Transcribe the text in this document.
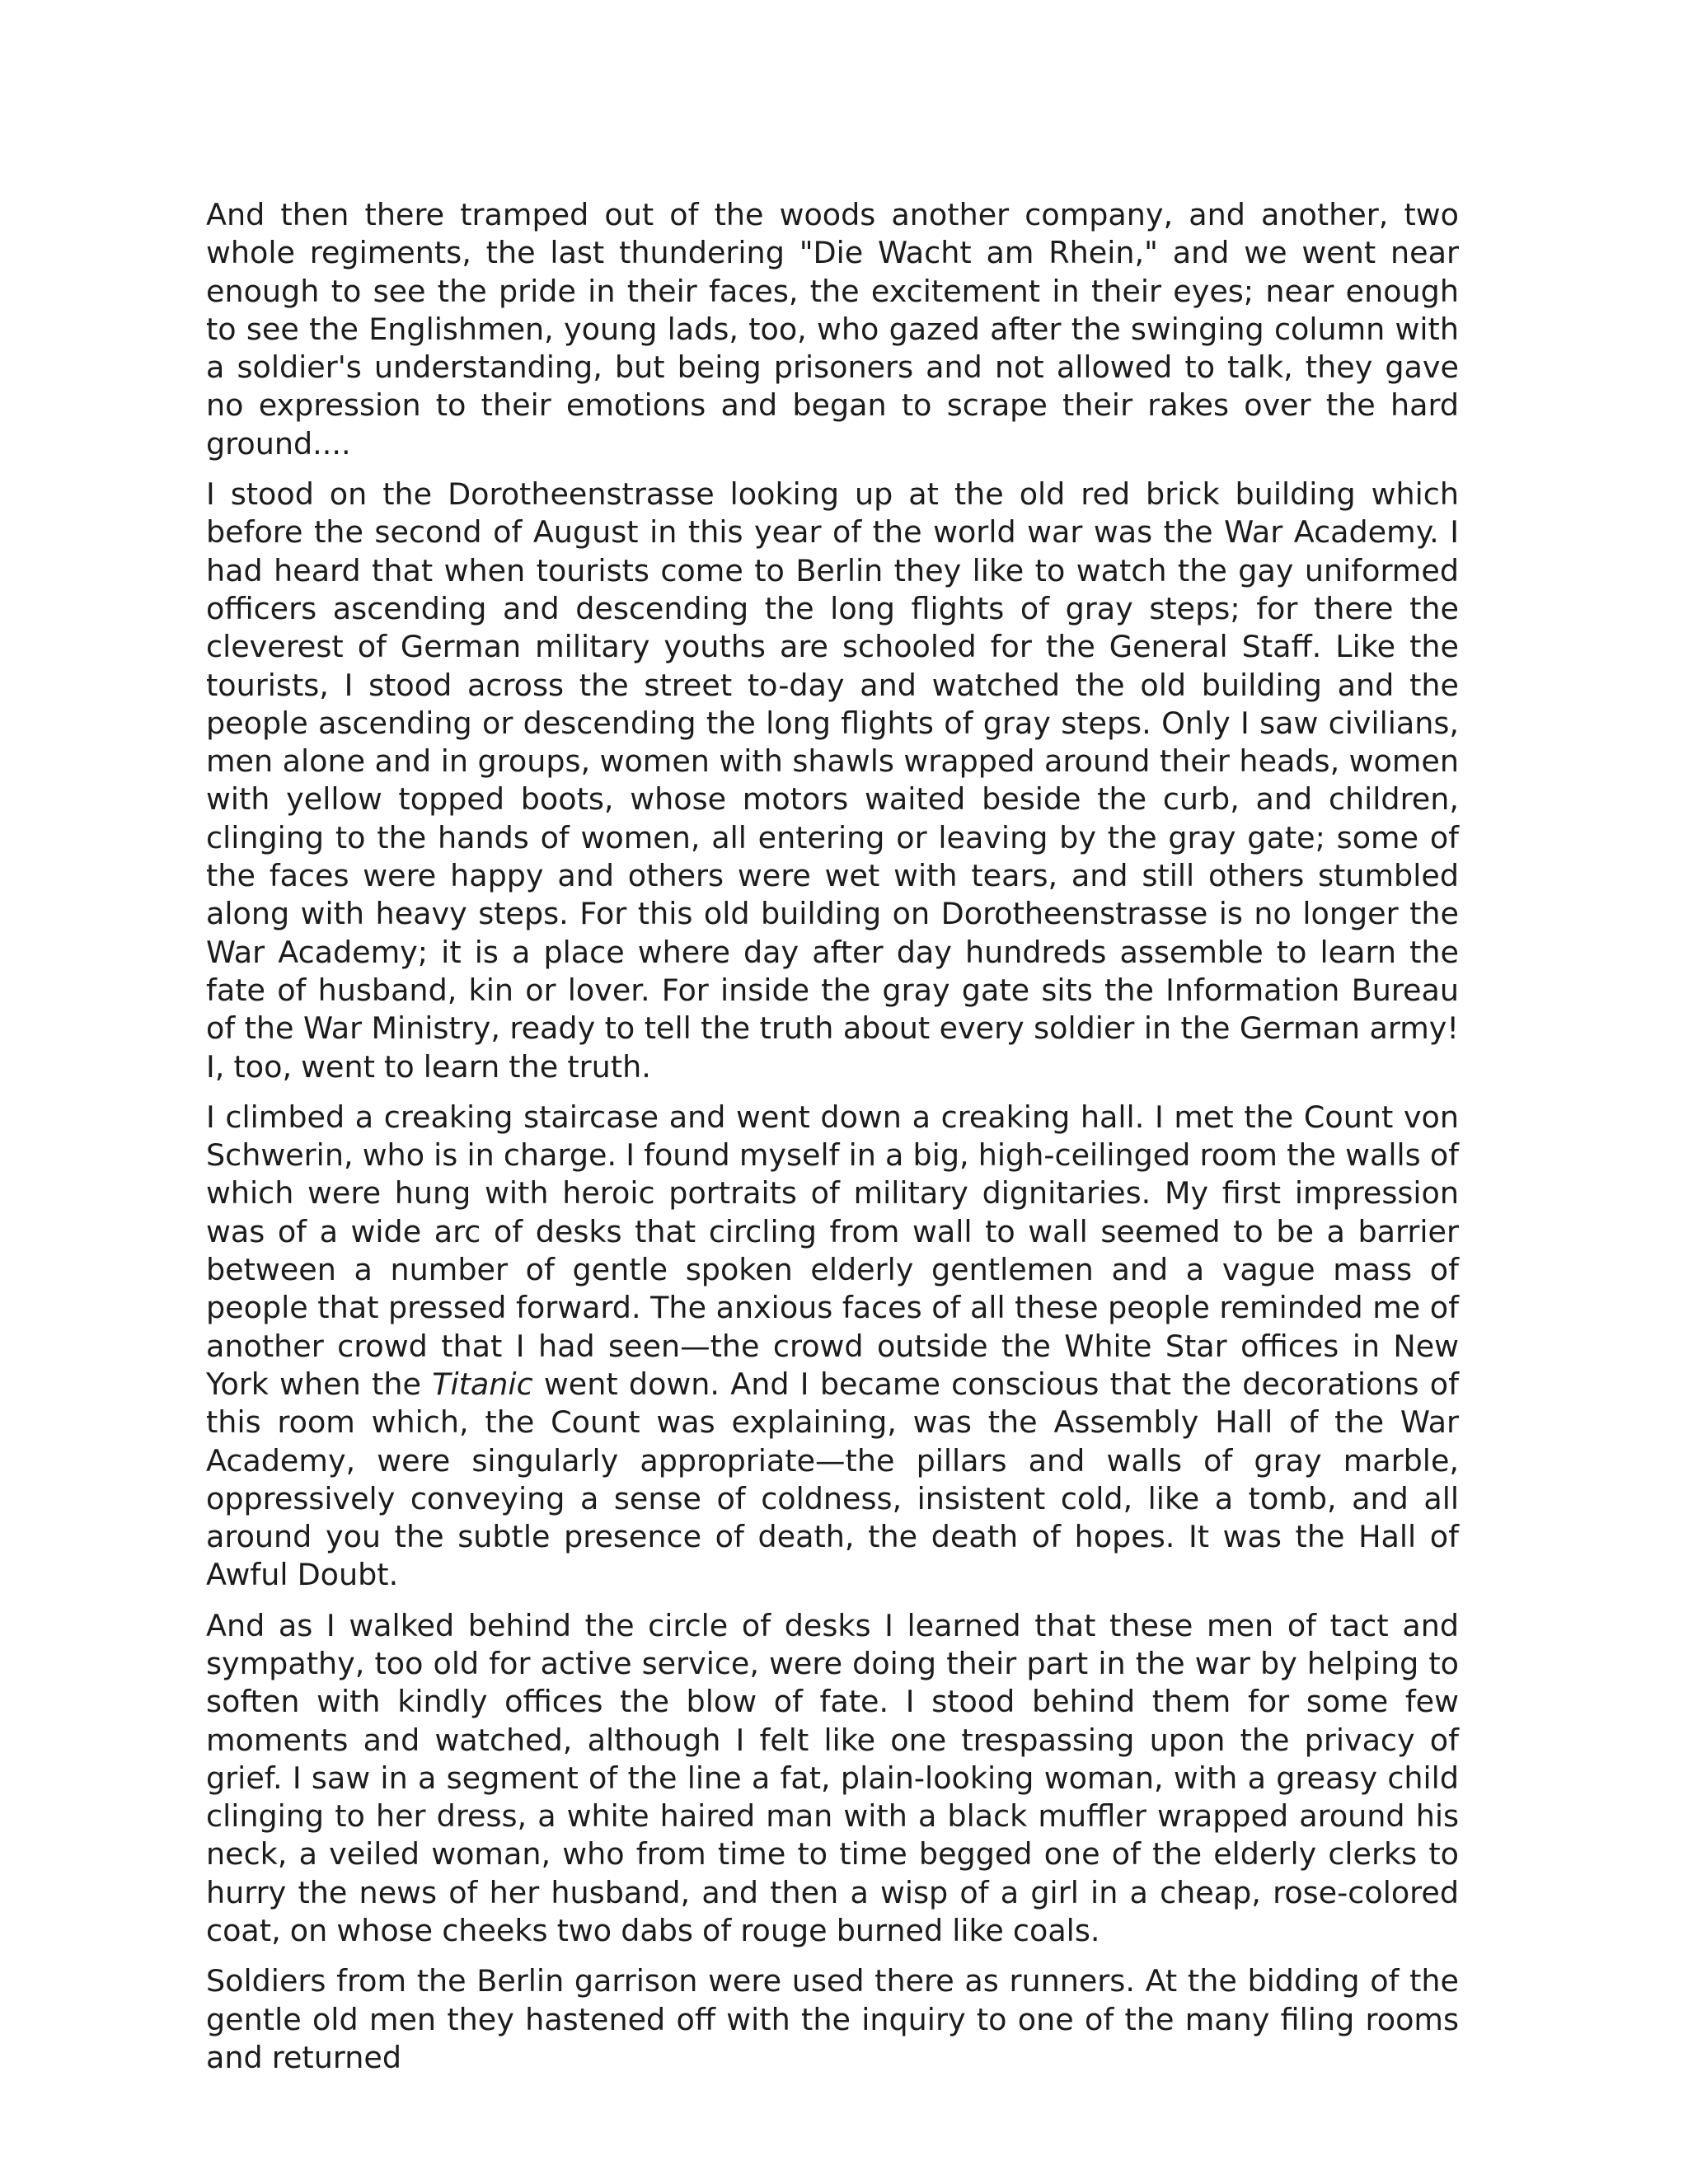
And then there tramped out of the woods another company, and another, two whole regiments, the last thundering "Die Wacht am Rhein," and we went near enough to see the pride in their faces, the excitement in their eyes; near enough to see the Englishmen, young lads, too, who gazed after the swinging column with a soldier's understanding, but being prisoners and not allowed to talk, they gave no expression to their emotions and began to scrape their rakes over the hard ground....

I stood on the Dorotheenstrasse looking up at the old red brick building which before the second of August in this year of the world war was the War Academy. I had heard that when tourists come to Berlin they like to watch the gay uniformed officers ascending and descending the long flights of gray steps; for there the cleverest of German military youths are schooled for the General Staff. Like the tourists, I stood across the street to-day and watched the old building and the people ascending or descending the long flights of gray steps. Only I saw civilians, men alone and in groups, women with shawls wrapped around their heads, women with yellow topped boots, whose motors waited beside the curb, and children, clinging to the hands of women, all entering or leaving by the gray gate; some of the faces were happy and others were wet with tears, and still others stumbled along with heavy steps. For this old building on Dorotheenstrasse is no longer the War Academy; it is a place where day after day hundreds assemble to learn the fate of husband, kin or lover. For inside the gray gate sits the Information Bureau of the War Ministry, ready to tell the truth about every soldier in the German army! I, too, went to learn the truth.

I climbed a creaking staircase and went down a creaking hall. I met the Count von Schwerin, who is in charge. I found myself in a big, high-ceilinged room the walls of which were hung with heroic portraits of military dignitaries. My first impression was of a wide arc of desks that circling from wall to wall seemed to be a barrier between a number of gentle spoken elderly gentlemen and a vague mass of people that pressed forward. The anxious faces of all these people reminded me of another crowd that I had seen—the crowd outside the White Star offices in New York when the Titanic went down. And I became conscious that the decorations of this room which, the Count was explaining, was the Assembly Hall of the War Academy, were singularly appropriate—the pillars and walls of gray marble, oppressively conveying a sense of coldness, insistent cold, like a tomb, and all around you the subtle presence of death, the death of hopes. It was the Hall of Awful Doubt.

And as I walked behind the circle of desks I learned that these men of tact and sympathy, too old for active service, were doing their part in the war by helping to soften with kindly offices the blow of fate. I stood behind them for some few moments and watched, although I felt like one trespassing upon the privacy of grief. I saw in a segment of the line a fat, plain-looking woman, with a greasy child clinging to her dress, a white haired man with a black muffler wrapped around his neck, a veiled woman, who from time to time begged one of the elderly clerks to hurry the news of her husband, and then a wisp of a girl in a cheap, rose-colored coat, on whose cheeks two dabs of rouge burned like coals.

Soldiers from the Berlin garrison were used there as runners. At the bidding of the gentle old men they hastened off with the inquiry to one of the many filing rooms and returned
